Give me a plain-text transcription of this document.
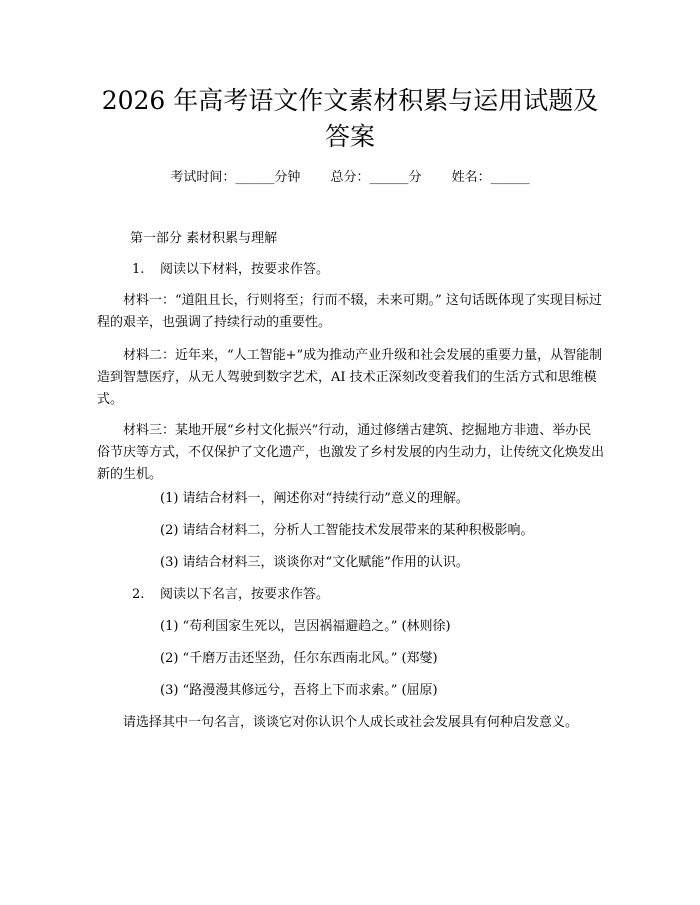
2026 年高考语文作文素材积累与运用试题及
答案
考试时间：______分钟 总分：______分 姓名：______

第一部分 素材积累与理解

1. 阅读以下材料，按要求作答。

材料一：“道阻且长，行则将至；行而不辍，未来可期。” 这句话既体现了实现目标过程的艰辛，也强调了持续行动的重要性。

材料二：近年来，“人工智能+”成为推动产业升级和社会发展的重要力量，从智能制造到智慧医疗，从无人驾驶到数字艺术，AI 技术正深刻改变着我们的生活方式和思维模式。

材料三：某地开展“乡村文化振兴”行动，通过修缮古建筑、挖掘地方非遗、举办民俗节庆等方式，不仅保护了文化遗产，也激发了乡村发展的内生动力，让传统文化焕发出新的生机。

(1) 请结合材料一，阐述你对“持续行动”意义的理解。

(2) 请结合材料二，分析人工智能技术发展带来的某种积极影响。

(3) 请结合材料三，谈谈你对“文化赋能”作用的认识。

2. 阅读以下名言，按要求作答。

(1) “苟利国家生死以，岂因祸福避趋之。” (林则徐)

(2) “千磨万击还坚劲，任尔东西南北风。” (郑燮)

(3) “路漫漫其修远兮，吾将上下而求索。” (屈原)

请选择其中一句名言，谈谈它对你认识个人成长或社会发展具有何种启发意义。
